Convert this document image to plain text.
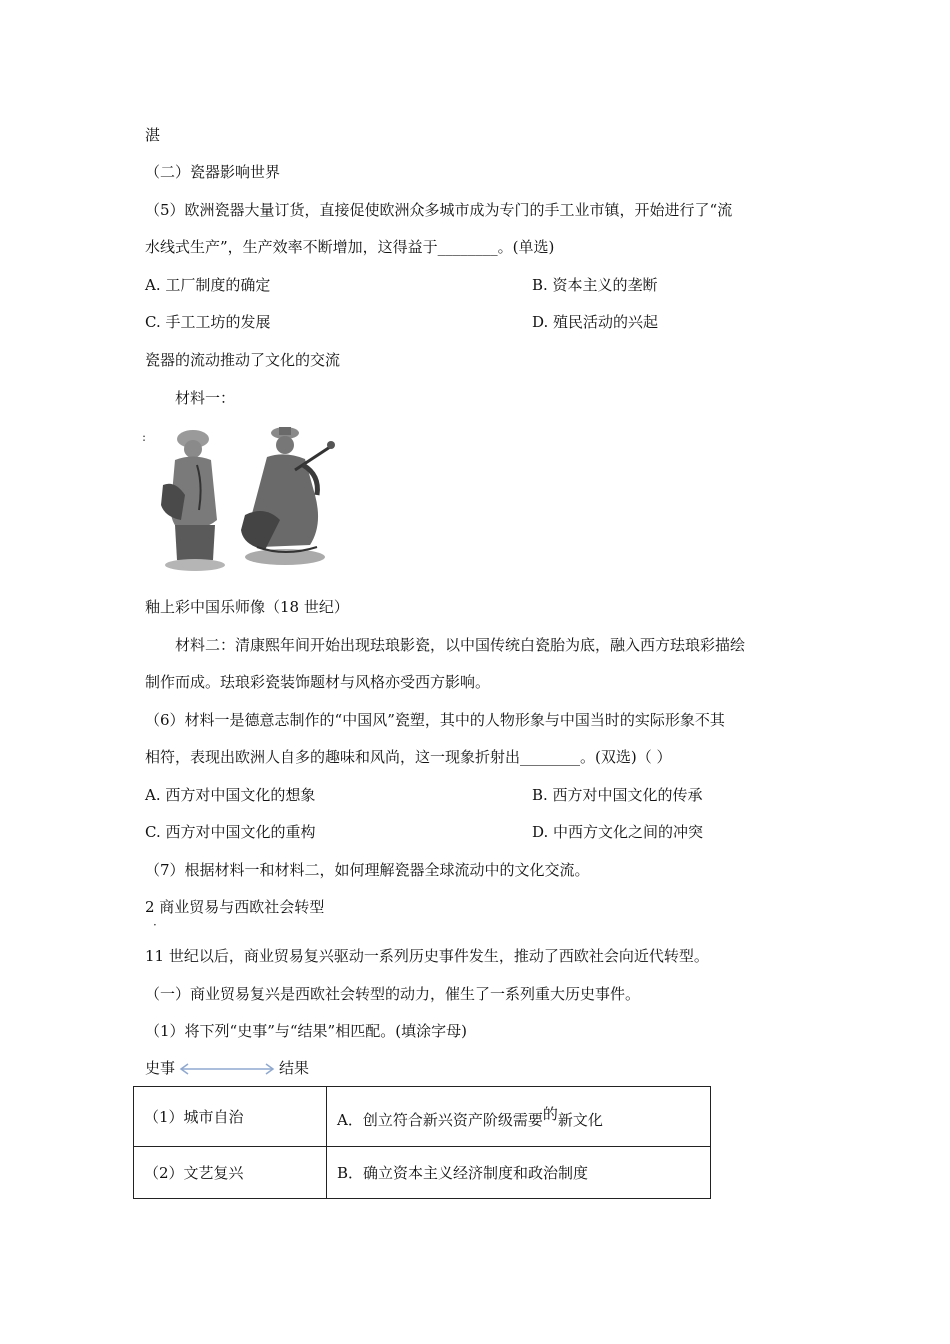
湛
（二）瓷器影响世界
（5）欧洲瓷器大量订货，直接促使欧洲众多城市成为专门的手工业市镇，开始进行了“流
水线式生产”，生产效率不断增加，这得益于________。(单选)
A. 工厂制度的确定	B. 资本主义的垄断
C. 手工工坊的发展	D. 殖民活动的兴起
瓷器的流动推动了文化的交流
材料一：
:
釉上彩中国乐师像（18 世纪）
材料二：清康熙年间开始出现珐琅影瓷，以中国传统白瓷胎为底，融入西方珐琅彩描绘
制作而成。珐琅彩瓷装饰题材与风格亦受西方影响。
（6）材料一是德意志制作的“中国风”瓷塑，其中的人物形象与中国当时的实际形象不其
相符，表现出欧洲人自多的趣味和风尚，这一现象折射出________。(双选)（ ）
A. 西方对中国文化的想象	B. 西方对中国文化的传承
C. 西方对中国文化的重构	D. 中西方文化之间的冲突
（7）根据材料一和材料二，如何理解瓷器全球流动中的文化交流。
2 商业贸易与西欧社会转型
·
11 世纪以后，商业贸易复兴驱动一系列历史事件发生，推动了西欧社会向近代转型。
（一）商业贸易复兴是西欧社会转型的动力，催生了一系列重大历史事件。
（1）将下列“史事”与“结果”相匹配。(填涂字母)
史事	结果
（1）城市自治	A．创立符合新兴资产阶级需要的新文化
（2）文艺复兴	B．确立资本主义经济制度和政治制度
